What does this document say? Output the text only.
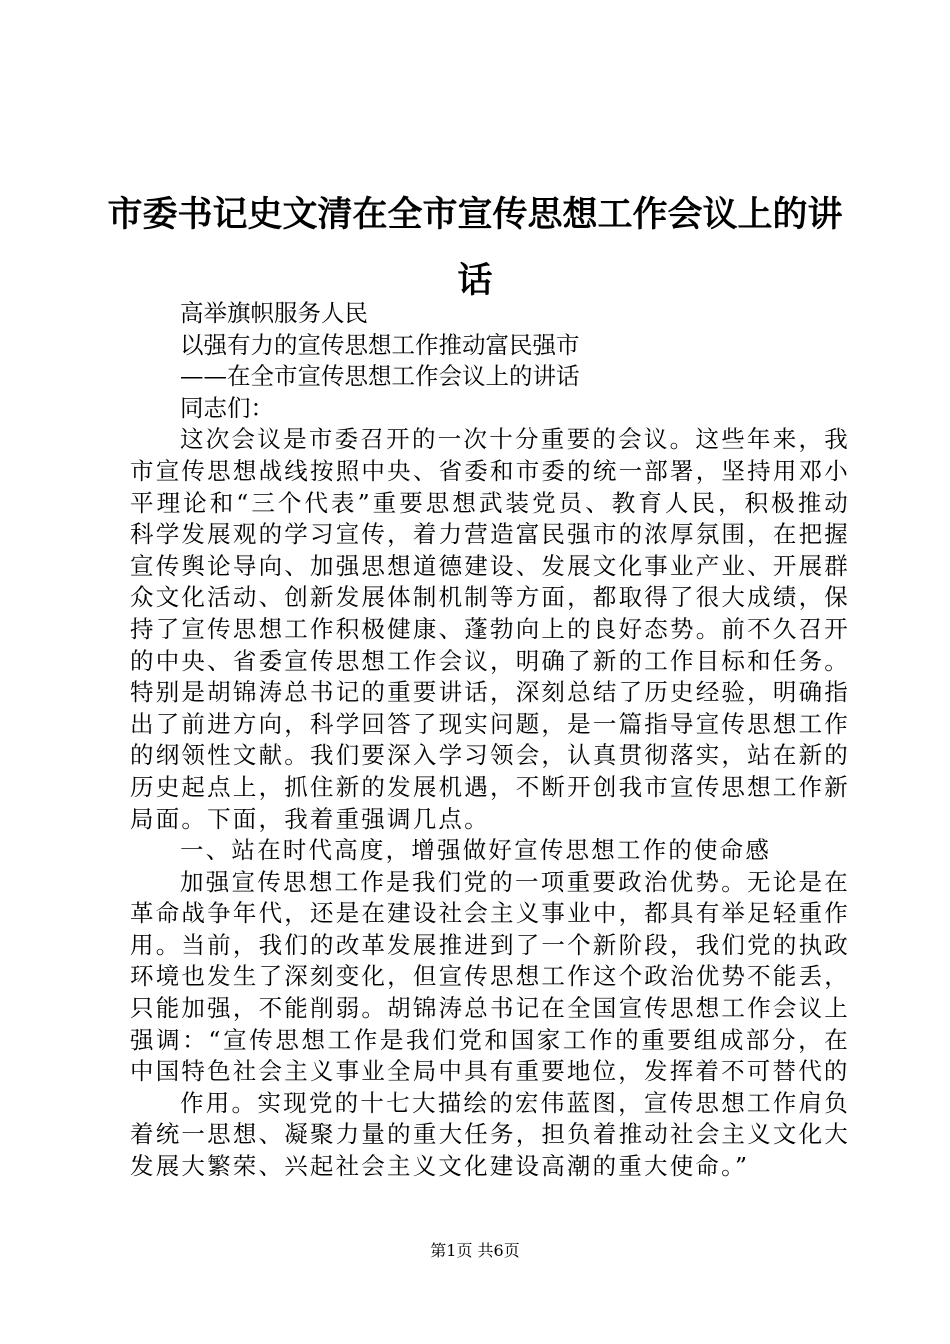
市委书记史文清在全市宣传思想工作会议上的讲话
高举旗帜服务人民
以强有力的宣传思想工作推动富民强市
——在全市宣传思想工作会议上的讲话
同志们：

这次会议是市委召开的一次十分重要的会议。这些年来，我市宣传思想战线按照中央、省委和市委的统一部署，坚持用邓小平理论和“三个代表”重要思想武装党员、教育人民，积极推动科学发展观的学习宣传，着力营造富民强市的浓厚氛围，在把握宣传舆论导向、加强思想道德建设、发展文化事业产业、开展群众文化活动、创新发展体制机制等方面，都取得了很大成绩，保持了宣传思想工作积极健康、蓬勃向上的良好态势。前不久召开的中央、省委宣传思想工作会议，明确了新的工作目标和任务。特别是胡锦涛总书记的重要讲话，深刻总结了历史经验，明确指出了前进方向，科学回答了现实问题，是一篇指导宣传思想工作的纲领性文献。我们要深入学习领会，认真贯彻落实，站在新的历史起点上，抓住新的发展机遇，不断开创我市宣传思想工作新局面。下面，我着重强调几点。

一、站在时代高度，增强做好宣传思想工作的使命感

加强宣传思想工作是我们党的一项重要政治优势。无论是在革命战争年代，还是在建设社会主义事业中，都具有举足轻重作用。当前，我们的改革发展推进到了一个新阶段，我们党的执政环境也发生了深刻变化，但宣传思想工作这个政治优势不能丢，只能加强，不能削弱。胡锦涛总书记在全国宣传思想工作会议上强调：“宣传思想工作是我们党和国家工作的重要组成部分，在中国特色社会主义事业全局中具有重要地位，发挥着不可替代的

作用。实现党的十七大描绘的宏伟蓝图，宣传思想工作肩负着统一思想、凝聚力量的重大任务，担负着推动社会主义文化大发展大繁荣、兴起社会主义文化建设高潮的重大使命。”

第1页 共6页
